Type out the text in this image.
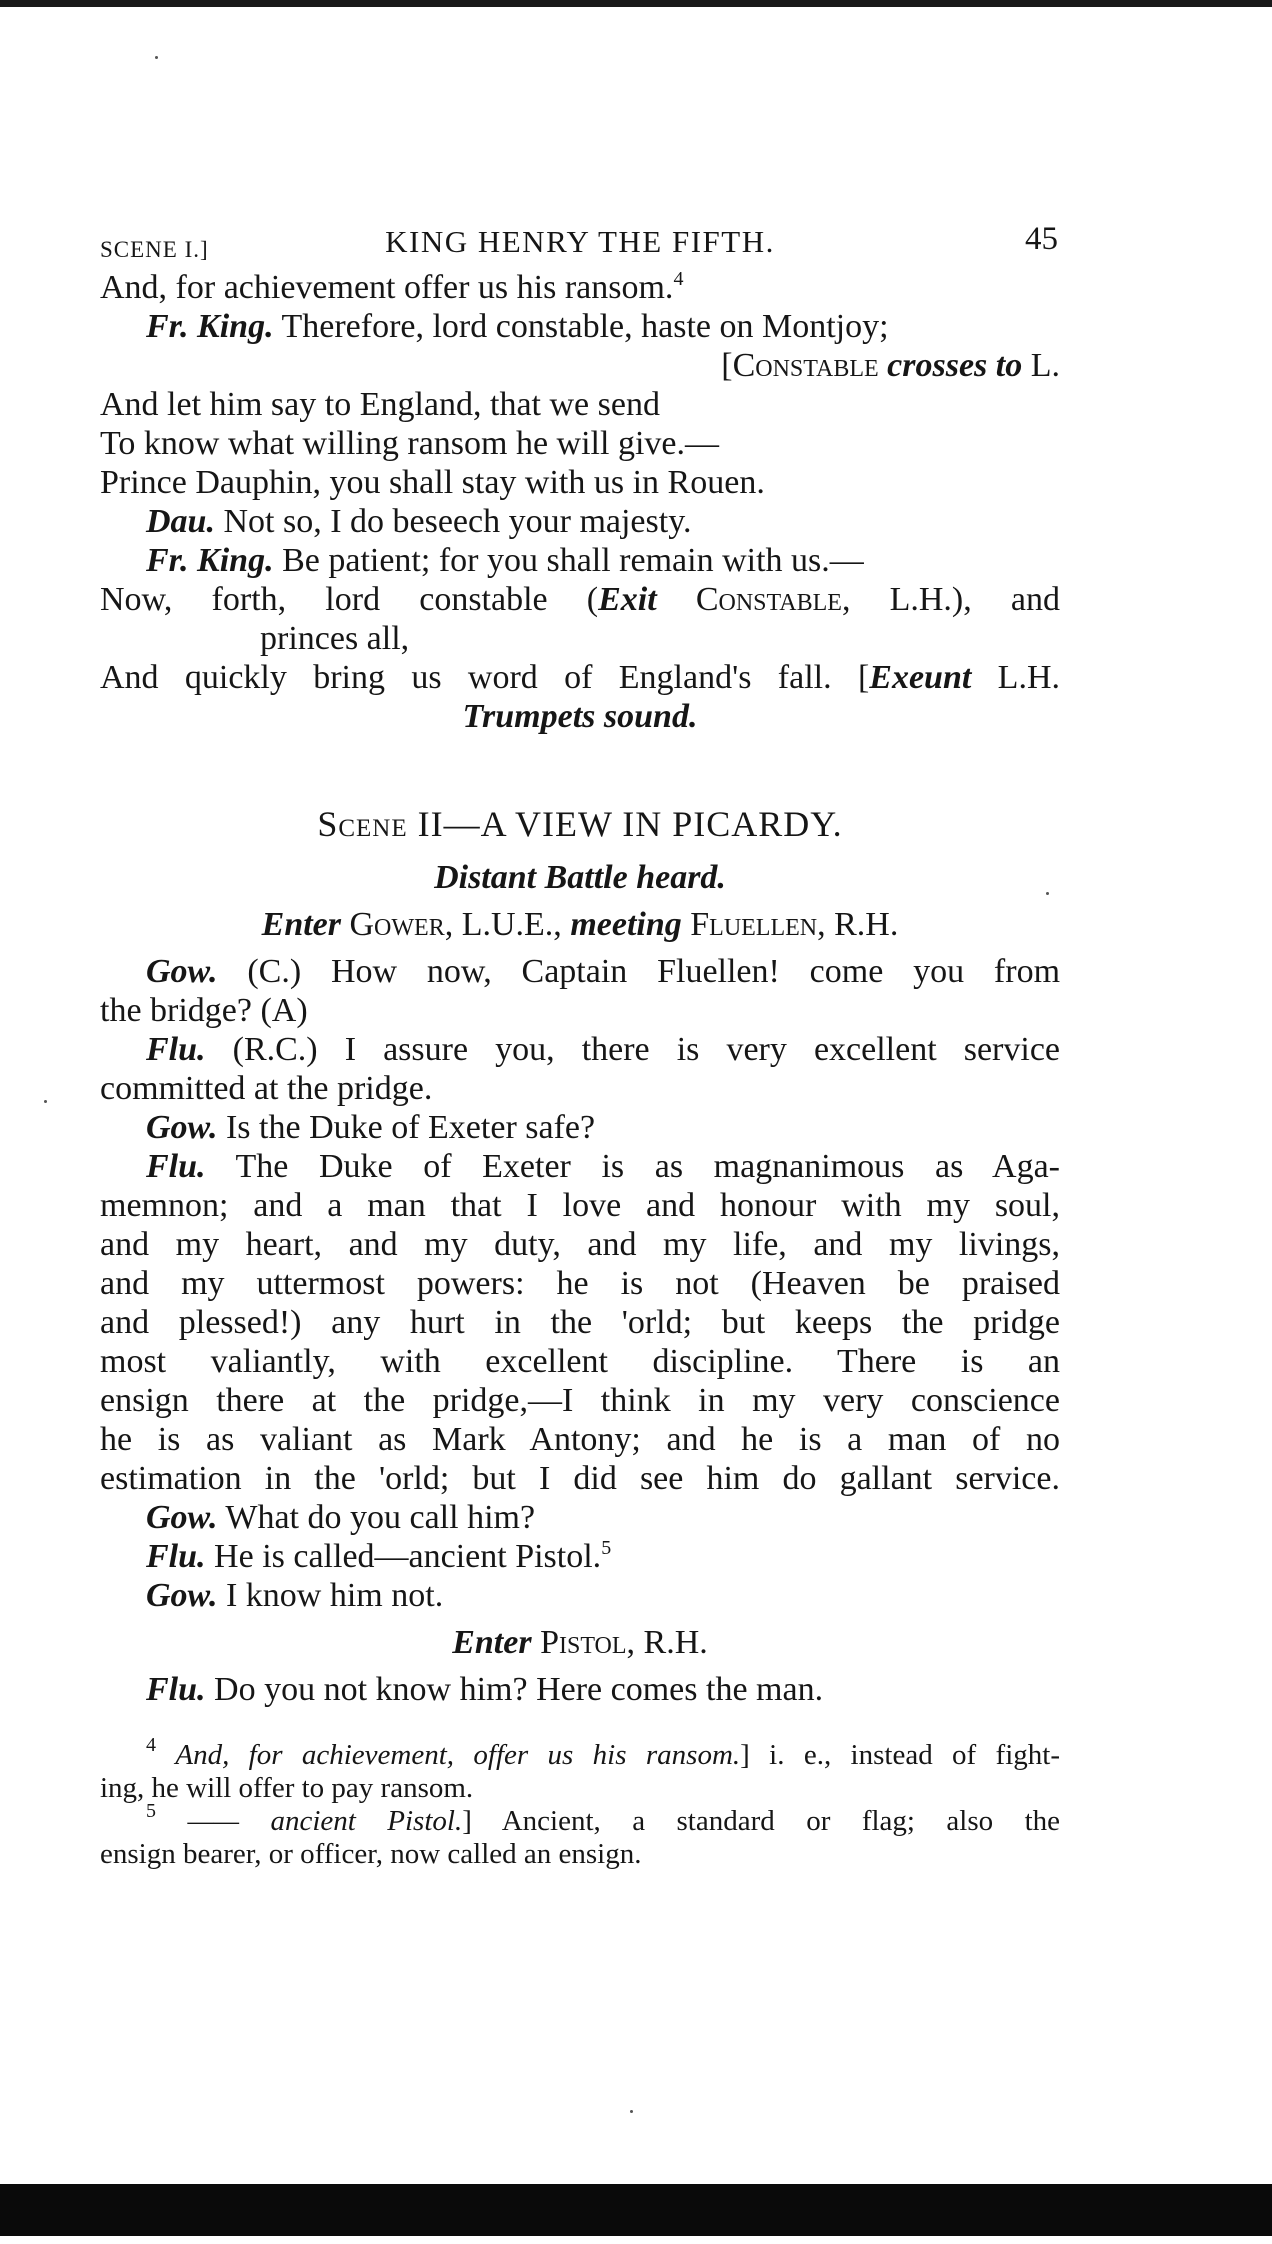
SCENE I.]	KING HENRY THE FIFTH.	45
And, for achievement offer us his ransom.$^4$
Fr. King. Therefore, lord constable, haste on Montjoy;
[Constable crosses to L.
And let him say to England, that we send
To know what willing ransom he will give.—
Prince Dauphin, you shall stay with us in Rouen.
Dau. Not so, I do beseech your majesty.
Fr. King. Be patient; for you shall remain with us.—
Now, forth, lord constable (Exit Constable, L.H.), and
princes all,
And quickly bring us word of England's fall. [Exeunt L.H.
Trumpets sound.
Scene II—A VIEW IN PICARDY.
Distant Battle heard.
Enter Gower, L.U.E., meeting Fluellen, R.H.
Gow. (C.) How now, Captain Fluellen! come you from
the bridge? (A)
Flu. (R.C.) I assure you, there is very excellent service
committed at the pridge.
Gow. Is the Duke of Exeter safe?
Flu. The Duke of Exeter is as magnanimous as Aga-
memnon; and a man that I love and honour with my soul,
and my heart, and my duty, and my life, and my livings,
and my uttermost powers: he is not (Heaven be praised
and plessed!) any hurt in the 'orld; but keeps the pridge
most valiantly, with excellent discipline. There is an
ensign there at the pridge,—I think in my very conscience
he is as valiant as Mark Antony; and he is a man of no
estimation in the 'orld; but I did see him do gallant service.
Gow. What do you call him?
Flu. He is called—ancient Pistol.$^5$
Gow. I know him not.
Enter Pistol, R.H.
Flu. Do you not know him? Here comes the man.
$^4$ And, for achievement, offer us his ransom.] i. e., instead of fight-
ing, he will offer to pay ransom.
$^5$ —— ancient Pistol.] Ancient, a standard or flag; also the
ensign bearer, or officer, now called an ensign.
